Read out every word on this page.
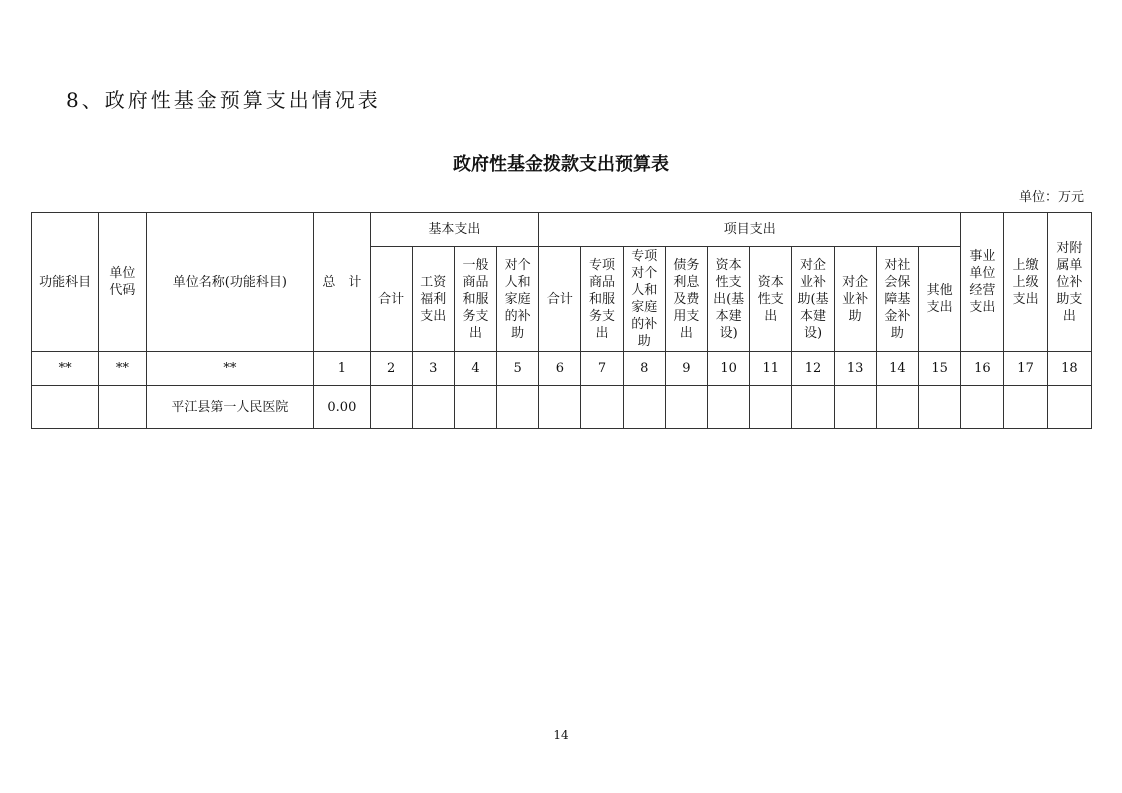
8、政府性基金预算支出情况表
政府性基金拨款支出预算表
单位：万元
功能科目	单位代码	单位名称(功能科目)	总　计	基本支出				项目支出										事业单位经营支出	上缴上级支出	对附属单位补助支出
				合计	工资福利支出	一般商品和服务支出	对个人和家庭的补助	合计	专项商品和服务支出	专项对个人和家庭的补助	债务利息及费用支出	资本性支出(基本建设)	资本性支出	对企业补助(基本建设)	对企业补助	对社会保障基金补助	其他支出			
**	**	**	1	2	3	4	5	6	7	8	9	10	11	12	13	14	15	16	17	18
		平江县第一人民医院	0.00																	
14
